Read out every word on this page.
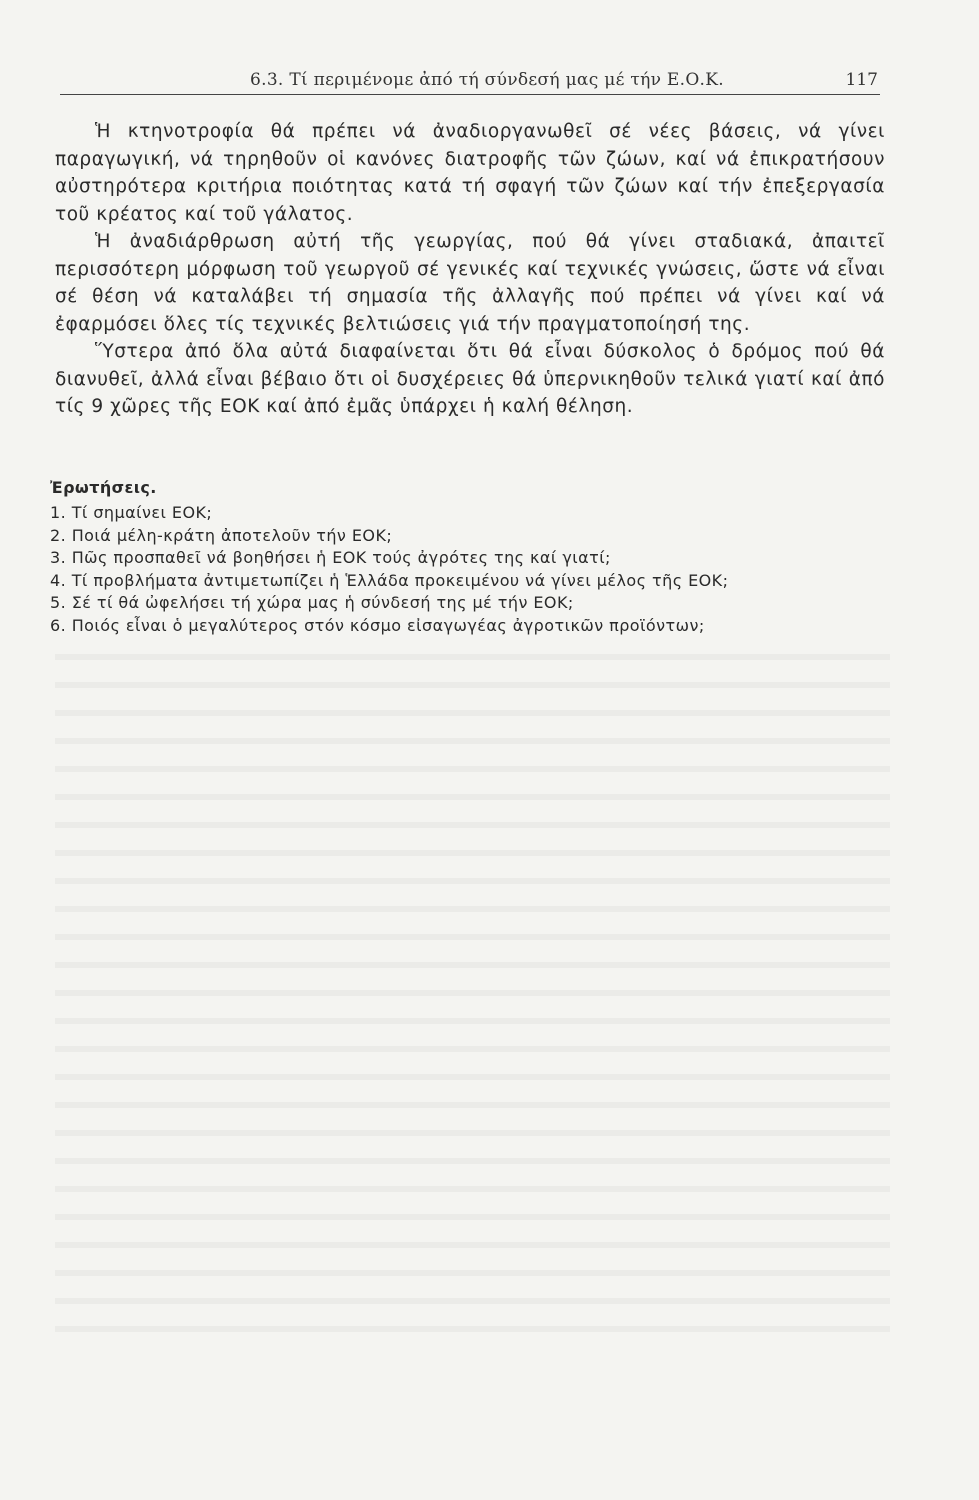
6.3. Τί περιμένομε ἀπό τή σύνδεσή μας μέ τήν Ε.Ο.Κ.	117

Ἡ κτηνοτροφία θά πρέπει νά ἀναδιοργανωθεῖ σέ νέες βάσεις, νά γίνει παραγωγική, νά τηρηθοῦν οἱ κανόνες διατροφῆς τῶν ζώων, καί νά ἐπικρατήσουν αὐστηρότερα κριτήρια ποιότητας κατά τή σφαγή τῶν ζώων καί τήν ἐπεξεργασία τοῦ κρέατος καί τοῦ γάλατος.

Ἡ ἀναδιάρθρωση αὐτή τῆς γεωργίας, πού θά γίνει σταδιακά, ἀπαιτεῖ περισσότερη μόρφωση τοῦ γεωργοῦ σέ γενικές καί τεχνικές γνώσεις, ὥστε νά εἶναι σέ θέση νά καταλάβει τή σημασία τῆς ἀλλαγῆς πού πρέπει νά γίνει καί νά ἐφαρμόσει ὅλες τίς τεχνικές βελτιώσεις γιά τήν πραγματοποίησή της.

Ὕστερα ἀπό ὅλα αὐτά διαφαίνεται ὅτι θά εἶναι δύσκολος ὁ δρόμος πού θά διανυθεῖ, ἀλλά εἶναι βέβαιο ὅτι οἱ δυσχέρειες θά ὑπερνικηθοῦν τελικά γιατί καί ἀπό τίς 9 χῶρες τῆς ΕΟΚ καί ἀπό ἐμᾶς ὑπάρχει ἡ καλή θέληση.

Ἐρωτήσεις.
1. Τί σημαίνει ΕΟΚ;
2. Ποιά μέλη-κράτη ἀποτελοῦν τήν ΕΟΚ;
3. Πῶς προσπαθεῖ νά βοηθήσει ἡ ΕΟΚ τούς ἀγρότες της καί γιατί;
4. Τί προβλήματα ἀντιμετωπίζει ἡ Ἑλλάδα προκειμένου νά γίνει μέλος τῆς ΕΟΚ;
5. Σέ τί θά ὠφελήσει τή χώρα μας ἡ σύνδεσή της μέ τήν ΕΟΚ;
6. Ποιός εἶναι ὁ μεγαλύτερος στόν κόσμο εἰσαγωγέας ἀγροτικῶν προϊόντων;
